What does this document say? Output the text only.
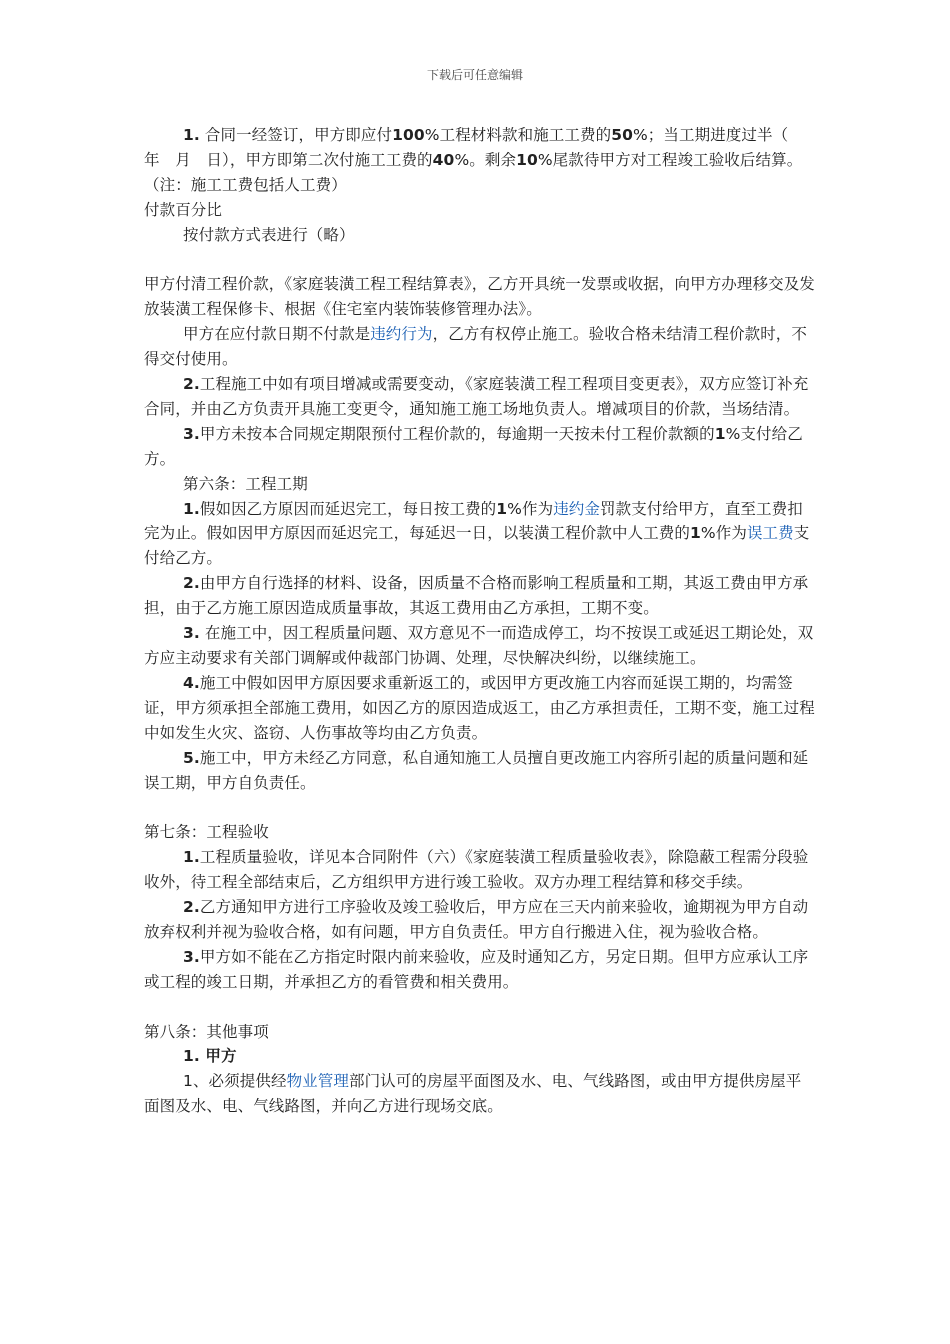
下载后可任意编辑

1. 合同一经签订，甲方即应付100%工程材料款和施工工费的50%；当工期进度过半（　年　月　日），甲方即第二次付施工工费的40%。剩余10%尾款待甲方对工程竣工验收后结算。（注：施工工费包括人工费）

付款百分比

按付款方式表进行（略）

甲方付清工程价款，《家庭装潢工程工程结算表》，乙方开具统一发票或收据，向甲方办理移交及发放装潢工程保修卡、根据《住宅室内装饰装修管理办法》。

甲方在应付款日期不付款是违约行为，乙方有权停止施工。验收合格未结清工程价款时，不得交付使用。

2.工程施工中如有项目增减或需要变动，《家庭装潢工程工程项目变更表》，双方应签订补充合同，并由乙方负责开具施工变更令，通知施工施工场地负责人。增减项目的价款，当场结清。

3.甲方未按本合同规定期限预付工程价款的，每逾期一天按未付工程价款额的1%支付给乙方。

第六条：工程工期

1.假如因乙方原因而延迟完工，每日按工费的1%作为违约金罚款支付给甲方，直至工费扣完为止。假如因甲方原因而延迟完工，每延迟一日，以装潢工程价款中人工费的1%作为误工费支付给乙方。

2.由甲方自行选择的材料、设备，因质量不合格而影响工程质量和工期，其返工费由甲方承担，由于乙方施工原因造成质量事故，其返工费用由乙方承担，工期不变。

3. 在施工中，因工程质量问题、双方意见不一而造成停工，均不按误工或延迟工期论处，双方应主动要求有关部门调解或仲裁部门协调、处理，尽快解决纠纷，以继续施工。

4.施工中假如因甲方原因要求重新返工的，或因甲方更改施工内容而延误工期的，均需签证，甲方须承担全部施工费用，如因乙方的原因造成返工，由乙方承担责任，工期不变，施工过程中如发生火灾、盗窃、人伤事故等均由乙方负责。

5.施工中，甲方未经乙方同意，私自通知施工人员擅自更改施工内容所引起的质量问题和延误工期，甲方自负责任。

第七条：工程验收

1.工程质量验收，详见本合同附件（六）《家庭装潢工程质量验收表》，除隐蔽工程需分段验收外，待工程全部结束后，乙方组织甲方进行竣工验收。双方办理工程结算和移交手续。

2.乙方通知甲方进行工序验收及竣工验收后，甲方应在三天内前来验收，逾期视为甲方自动放弃权利并视为验收合格，如有问题，甲方自负责任。甲方自行搬进入住，视为验收合格。

3.甲方如不能在乙方指定时限内前来验收，应及时通知乙方，另定日期。但甲方应承认工序或工程的竣工日期，并承担乙方的看管费和相关费用。

第八条：其他事项

1. 甲方

1、必须提供经物业管理部门认可的房屋平面图及水、电、气线路图，或由甲方提供房屋平面图及水、电、气线路图，并向乙方进行现场交底。
